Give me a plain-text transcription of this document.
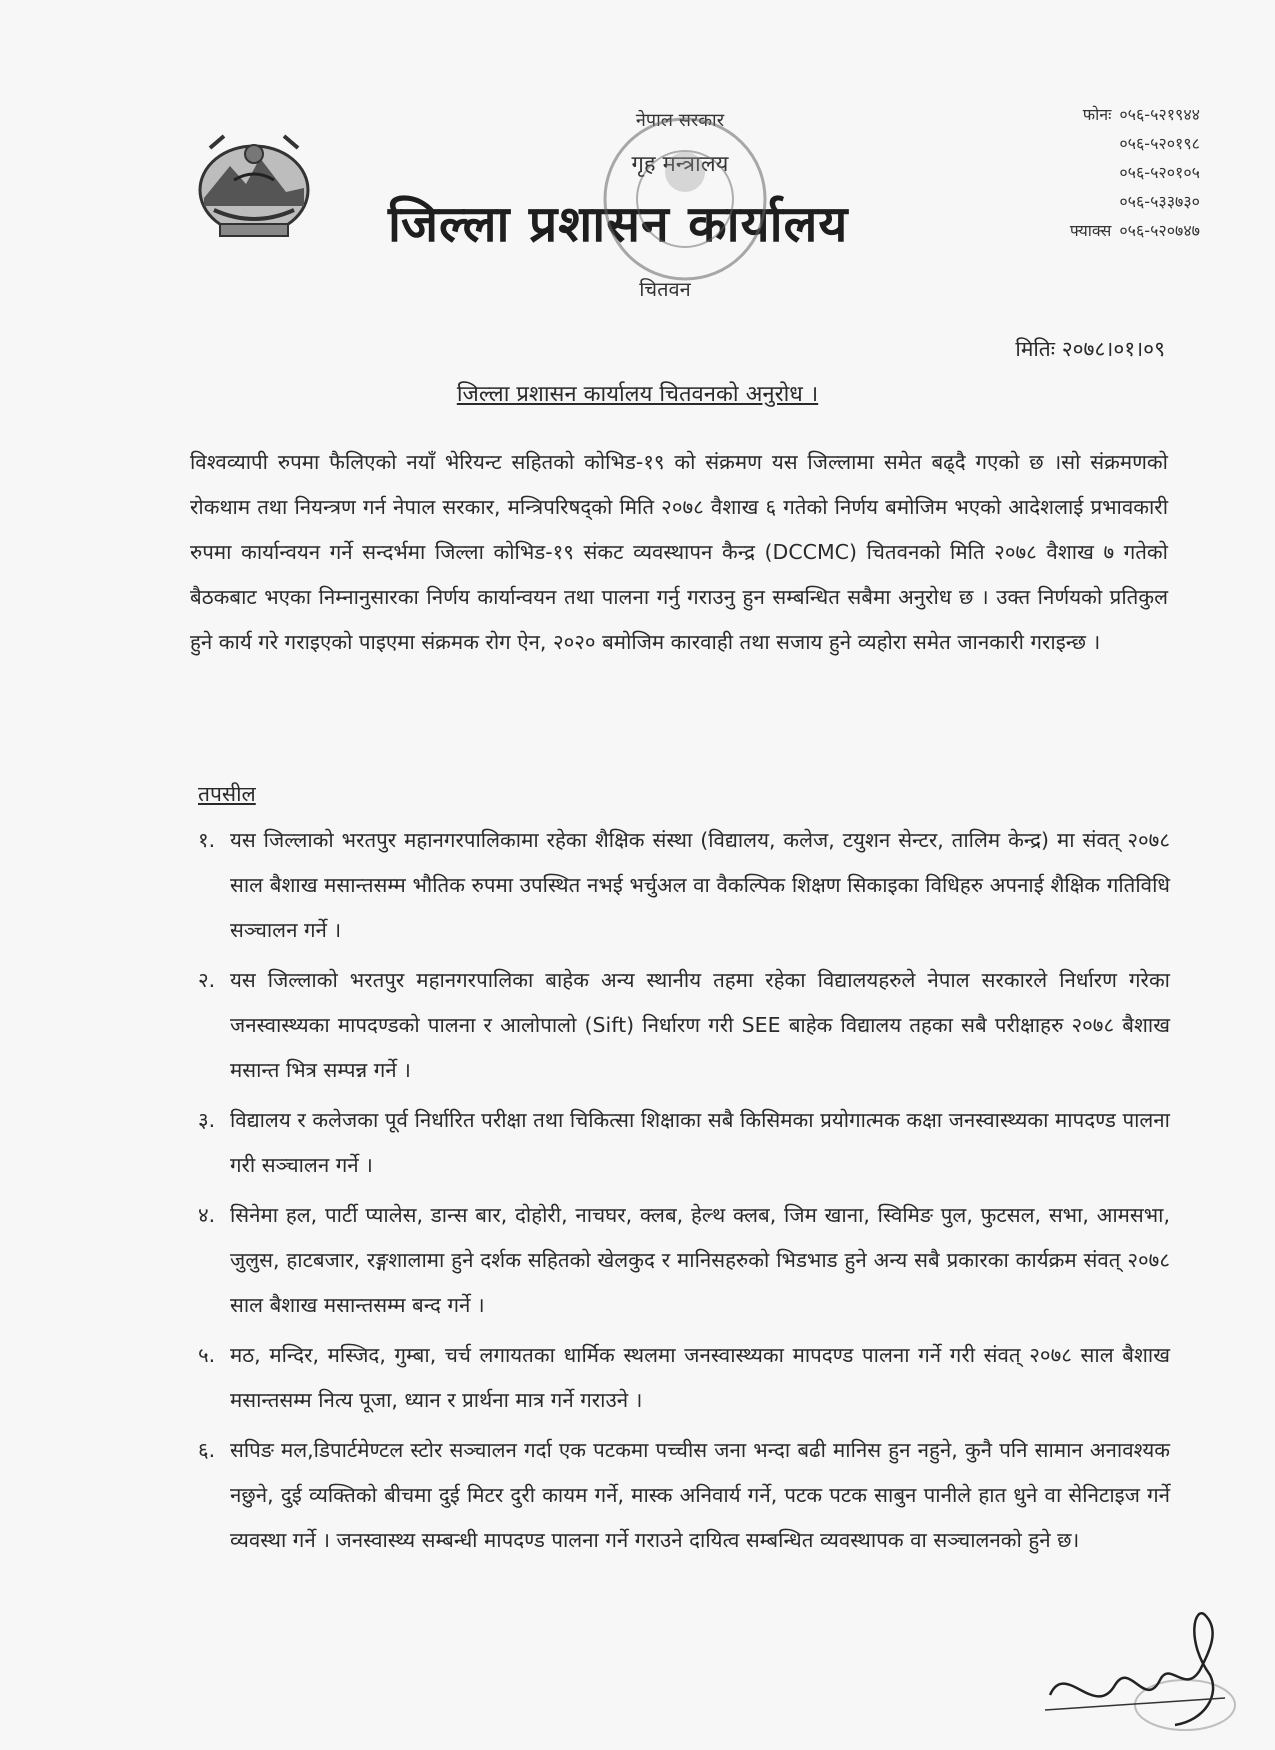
नेपाल सरकार
गृह मन्त्रालय
जिल्ला प्रशासन कार्यालय
चितवन
फोनः ०५६-५२१९४४
०५६-५२०१९८
०५६-५२०१०५
०५६-५३३७३०
फ्याक्स ०५६-५२०७४७
मितिः २०७८।०१।०९
जिल्ला प्रशासन कार्यालय चितवनको अनुरोध ।
विश्वव्यापी रुपमा फैलिएको नयाँ भेरियन्ट सहितको कोभिड-१९ को संक्रमण यस जिल्लामा समेत बढ्दै गएको छ ।सो संक्रमणको रोकथाम तथा नियन्त्रण गर्न नेपाल सरकार, मन्त्रिपरिषद्को मिति २०७८ वैशाख ६ गतेको निर्णय बमोजिम भएको आदेशलाई प्रभावकारी रुपमा कार्यान्वयन गर्ने सन्दर्भमा जिल्ला कोभिड-१९ संकट व्यवस्थापन कैन्द्र (DCCMC) चितवनको मिति २०७८ वैशाख ७ गतेको बैठकबाट भएका निम्नानुसारका निर्णय कार्यान्वयन तथा पालना गर्नु गराउनु हुन सम्बन्धित सबैमा अनुरोध छ । उक्त निर्णयको प्रतिकुल हुने कार्य गरे गराइएको पाइएमा संक्रमक रोग ऐन, २०२० बमोजिम कारवाही तथा सजाय हुने व्यहोरा समेत जानकारी गराइन्छ ।
तपसील
१. यस जिल्लाको भरतपुर महानगरपालिकामा रहेका शैक्षिक संस्था (विद्यालय, कलेज, टयुशन सेन्टर, तालिम केन्द्र) मा संवत् २०७८ साल बैशाख मसान्तसम्म भौतिक रुपमा उपस्थित नभई भर्चुअल वा वैकल्पिक शिक्षण सिकाइका विधिहरु अपनाई शैक्षिक गतिविधि सञ्चालन गर्ने ।
२. यस जिल्लाको भरतपुर महानगरपालिका बाहेक अन्य स्थानीय तहमा रहेका विद्यालयहरुले नेपाल सरकारले निर्धारण गरेका जनस्वास्थ्यका मापदण्डको पालना र आलोपालो (Sift) निर्धारण गरी SEE बाहेक विद्यालय तहका सबै परीक्षाहरु २०७८ बैशाख मसान्त भित्र सम्पन्न गर्ने ।
३. विद्यालय र कलेजका पूर्व निर्धारित परीक्षा तथा चिकित्सा शिक्षाका सबै किसिमका प्रयोगात्मक कक्षा जनस्वास्थ्यका मापदण्ड पालना गरी सञ्चालन गर्ने ।
४. सिनेमा हल, पार्टी प्यालेस, डान्स बार, दोहोरी, नाचघर, क्लब, हेल्थ क्लब, जिम खाना, स्विमिङ पुल, फुटसल, सभा, आमसभा, जुलुस, हाटबजार, रङ्गशालामा हुने दर्शक सहितको खेलकुद र मानिसहरुको भिडभाड हुने अन्य सबै प्रकारका कार्यक्रम संवत् २०७८ साल बैशाख मसान्तसम्म बन्द गर्ने ।
५. मठ, मन्दिर, मस्जिद, गुम्बा, चर्च लगायतका धार्मिक स्थलमा जनस्वास्थ्यका मापदण्ड पालना गर्ने गरी संवत् २०७८ साल बैशाख मसान्तसम्म नित्य पूजा, ध्यान र प्रार्थना मात्र गर्ने गराउने ।
६. सपिङ मल,डिपार्टमेण्टल स्टोर सञ्चालन गर्दा एक पटकमा पच्चीस जना भन्दा बढी मानिस हुन नहुने, कुनै पनि सामान अनावश्यक नछुने, दुई व्यक्तिको बीचमा दुई मिटर दुरी कायम गर्ने, मास्क अनिवार्य गर्ने, पटक पटक साबुन पानीले हात धुने वा सेनिटाइज गर्ने व्यवस्था गर्ने । जनस्वास्थ्य सम्बन्धी मापदण्ड पालना गर्ने गराउने दायित्व सम्बन्धित व्यवस्थापक वा सञ्चालनको हुने छ।
